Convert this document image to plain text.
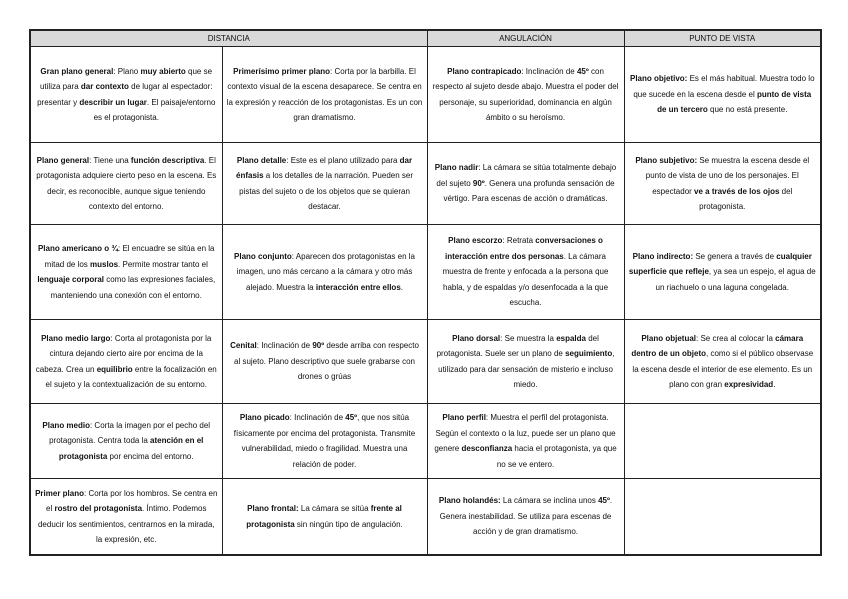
DISTANCIA		ANGULACIÓN	PUNTO DE VISTA
Gran plano general: Plano muy abierto que se utiliza para dar contexto de lugar al espectador: presentar y describir un lugar. El paisaje/entorno es el protagonista.	Primerísimo primer plano: Corta por la barbilla. El contexto visual de la escena desaparece. Se centra en la expresión y reacción de los protagonistas. Es un con gran dramatismo.	Plano contrapicado: Inclinación de 45º con respecto al sujeto desde abajo. Muestra el poder del personaje, su superioridad, dominancia en algún ámbito o su heroísmo.	Plano objetivo: Es el más habitual. Muestra todo lo que sucede en la escena desde el punto de vista de un tercero que no está presente.
Plano general: Tiene una función descriptiva. El protagonista adquiere cierto peso en la escena. Es decir, es reconocible, aunque sigue teniendo contexto del entorno.	Plano detalle: Este es el plano utilizado para dar énfasis a los detalles de la narración. Pueden ser pistas del sujeto o de los objetos que se quieran destacar.	Plano nadir: La cámara se sitúa totalmente debajo del sujeto 90º. Genera una profunda sensación de vértigo. Para escenas de acción o dramáticas.	Plano subjetivo: Se muestra la escena desde el punto de vista de uno de los personajes. El espectador ve a través de los ojos del protagonista.
Plano americano o ¾: El encuadre se sitúa en la mitad de los muslos. Permite mostrar tanto el lenguaje corporal como las expresiones faciales, manteniendo una conexión con el entorno.	Plano conjunto: Aparecen dos protagonistas en la imagen, uno más cercano a la cámara y otro más alejado. Muestra la interacción entre ellos.	Plano escorzo: Retrata conversaciones o interacción entre dos personas. La cámara muestra de frente y enfocada a la persona que habla, y de espaldas y/o desenfocada a la que escucha.	Plano indirecto: Se genera a través de cualquier superficie que refleje, ya sea un espejo, el agua de un riachuelo o una laguna congelada.
Plano medio largo: Corta al protagonista por la cintura dejando cierto aire por encima de la cabeza. Crea un equilibrio entre la focalización en el sujeto y la contextualización de su entorno.	Cenital: Inclinación de 90º desde arriba con respecto al sujeto. Plano descriptivo que suele grabarse con drones o grúas	Plano dorsal: Se muestra la espalda del protagonista. Suele ser un plano de seguimiento, utilizado para dar sensación de misterio e incluso miedo.	Plano objetual: Se crea al colocar la cámara dentro de un objeto, como si el público observase la escena desde el interior de ese elemento. Es un plano con gran expresividad.
Plano medio: Corta la imagen por el pecho del protagonista. Centra toda la atención en el protagonista por encima del entorno.	Plano picado: Inclinación de 45º, que nos sitúa físicamente por encima del protagonista. Transmite vulnerabilidad, miedo o fragilidad. Muestra una relación de poder.	Plano perfil: Muestra el perfil del protagonista. Según el contexto o la luz, puede ser un plano que genere desconfianza hacia el protagonista, ya que no se ve entero.	
Primer plano: Corta por los hombros. Se centra en el rostro del protagonista. Íntimo. Podemos deducir los sentimientos, centrarnos en la mirada, la expresión, etc.	Plano frontal: La cámara se sitúa frente al protagonista sin ningún tipo de angulación.	Plano holandés: La cámara se inclina unos 45º. Genera inestabilidad. Se utiliza para escenas de acción y de gran dramatismo.	
